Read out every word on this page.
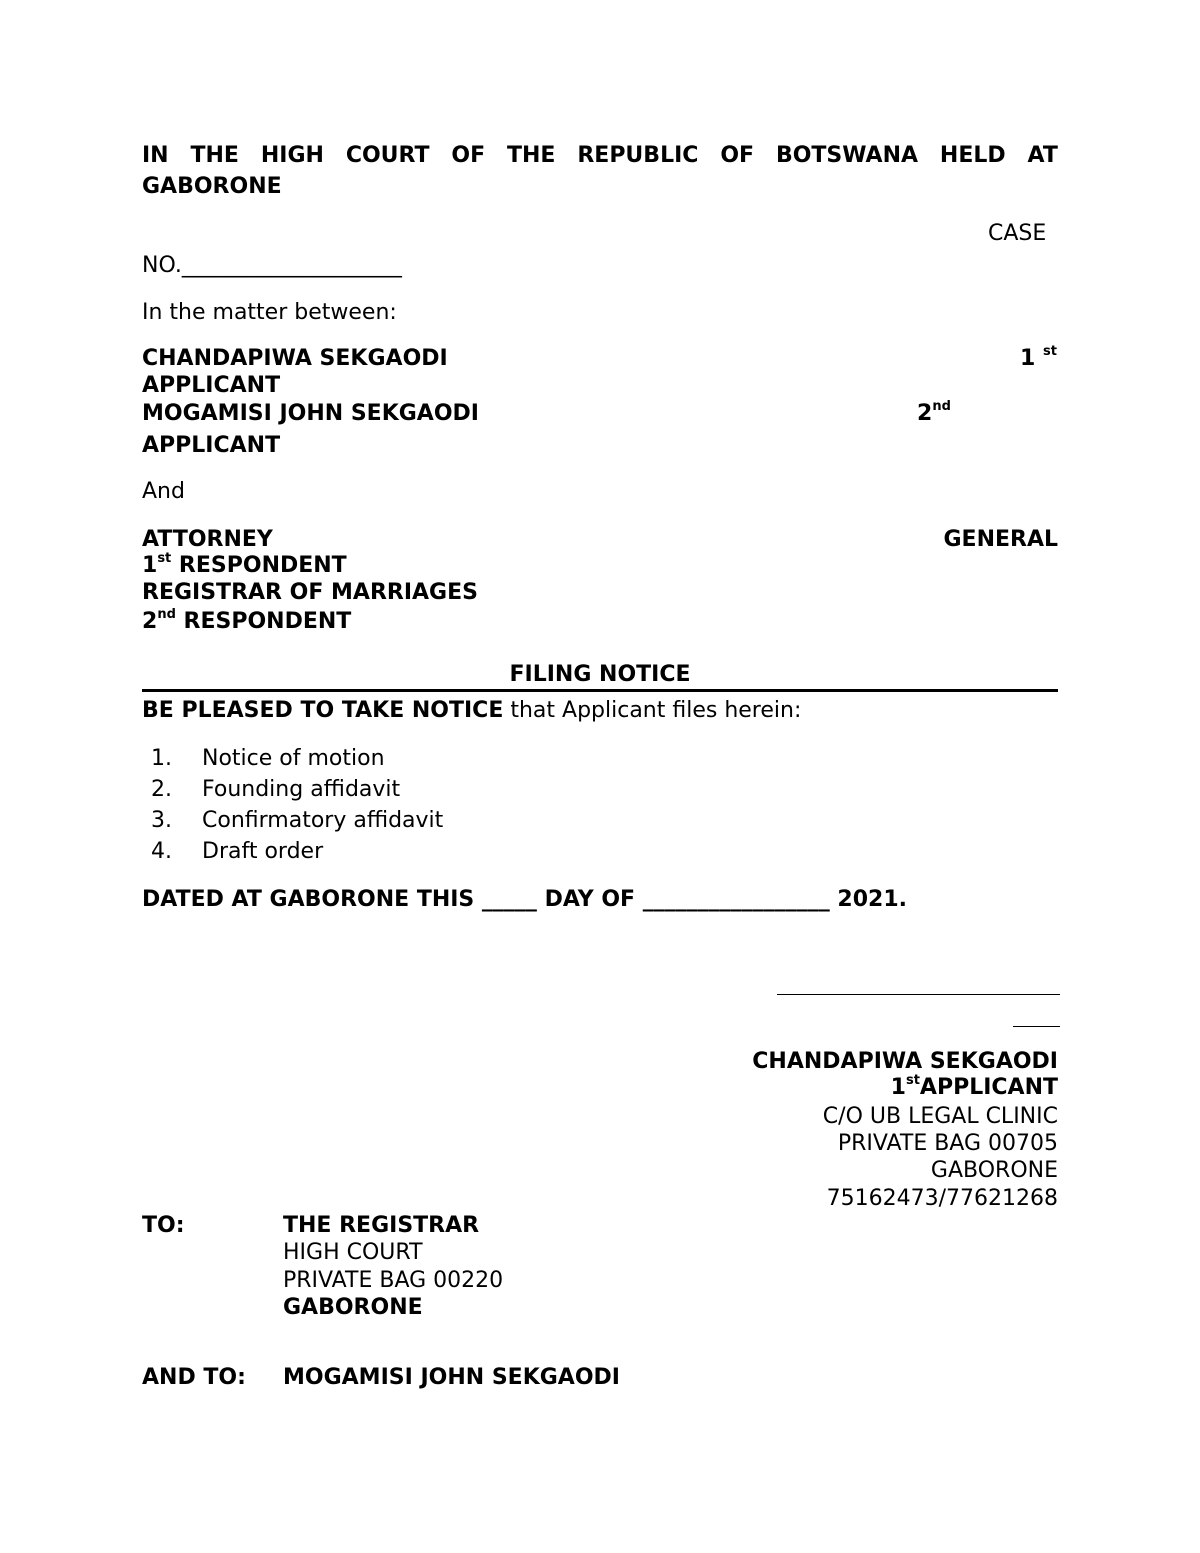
IN THE HIGH COURT OF THE REPUBLIC OF BOTSWANA HELD AT
GABORONE
CASE
NO.____________________
In the matter between:
CHANDAPIWA SEKGAODI	1 $^{st}$
APPLICANT
MOGAMISI JOHN SEKGAODI	2nd
APPLICANT
And
ATTORNEY	GENERAL
1st RESPONDENT
REGISTRAR OF MARRIAGES
2nd RESPONDENT
FILING NOTICE
BE PLEASED TO TAKE NOTICE that Applicant files herein:
1. Notice of motion
2. Founding affidavit
3. Confirmatory affidavit
4. Draft order
DATED AT GABORONE THIS _____ DAY OF _________________ 2021.
CHANDAPIWA SEKGAODI
1stAPPLICANT
C/O UB LEGAL CLINIC
PRIVATE BAG 00705
GABORONE
75162473/77621268
TO:	THE REGISTRAR
HIGH COURT
PRIVATE BAG 00220
GABORONE
AND TO: MOGAMISI JOHN SEKGAODI
